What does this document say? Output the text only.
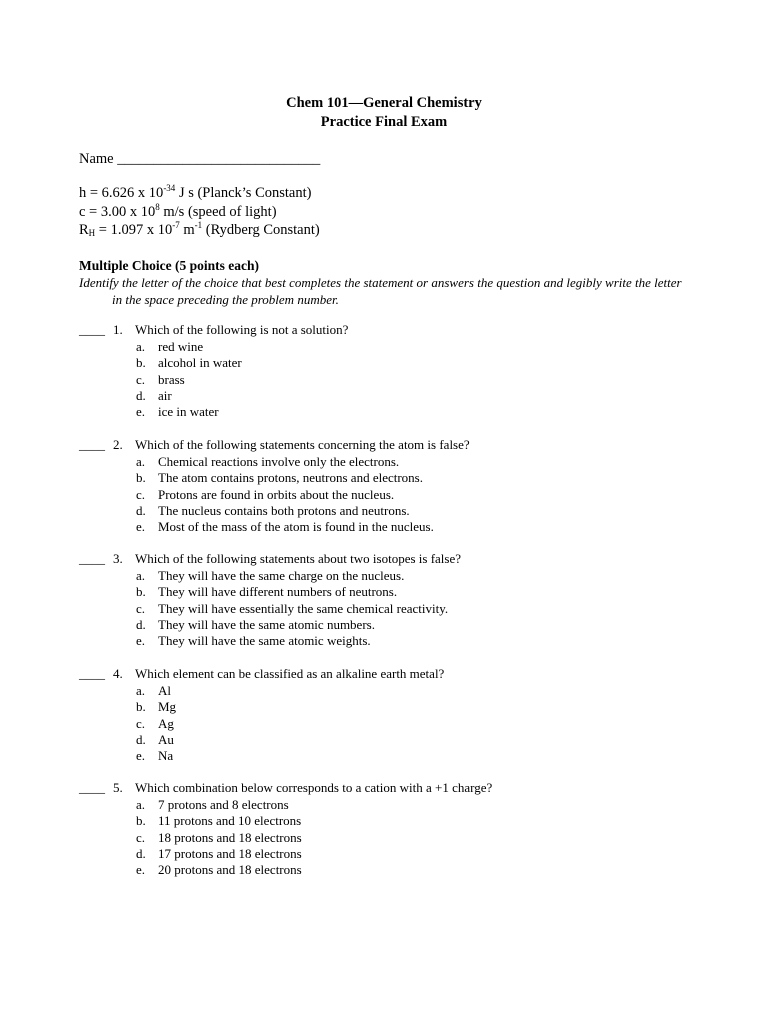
Chem 101—General Chemistry
Practice Final Exam
Name ____________________________
h = 6.626 x $10^{-34}$ J s (Planck’s Constant)
c = 3.00 x $10^8$ m/s (speed of light)
$R_H = 1.097$ x $10^{-7}$ $m^{-1}$ (Rydberg Constant)
Multiple Choice (5 points each)
Identify the letter of the choice that best completes the statement or answers the question and legibly write the letter
in the space preceding the problem number.
____ 1. Which of the following is not a solution?
a. red wine
b. alcohol in water
c. brass
d. air
e. ice in water
____ 2. Which of the following statements concerning the atom is false?
a. Chemical reactions involve only the electrons.
b. The atom contains protons, neutrons and electrons.
c. Protons are found in orbits about the nucleus.
d. The nucleus contains both protons and neutrons.
e. Most of the mass of the atom is found in the nucleus.
____ 3. Which of the following statements about two isotopes is false?
a. They will have the same charge on the nucleus.
b. They will have different numbers of neutrons.
c. They will have essentially the same chemical reactivity.
d. They will have the same atomic numbers.
e. They will have the same atomic weights.
____ 4. Which element can be classified as an alkaline earth metal?
a. Al
b. Mg
c. Ag
d. Au
e. Na
____ 5. Which combination below corresponds to a cation with a +1 charge?
a. 7 protons and 8 electrons
b. 11 protons and 10 electrons
c. 18 protons and 18 electrons
d. 17 protons and 18 electrons
e. 20 protons and 18 electrons
